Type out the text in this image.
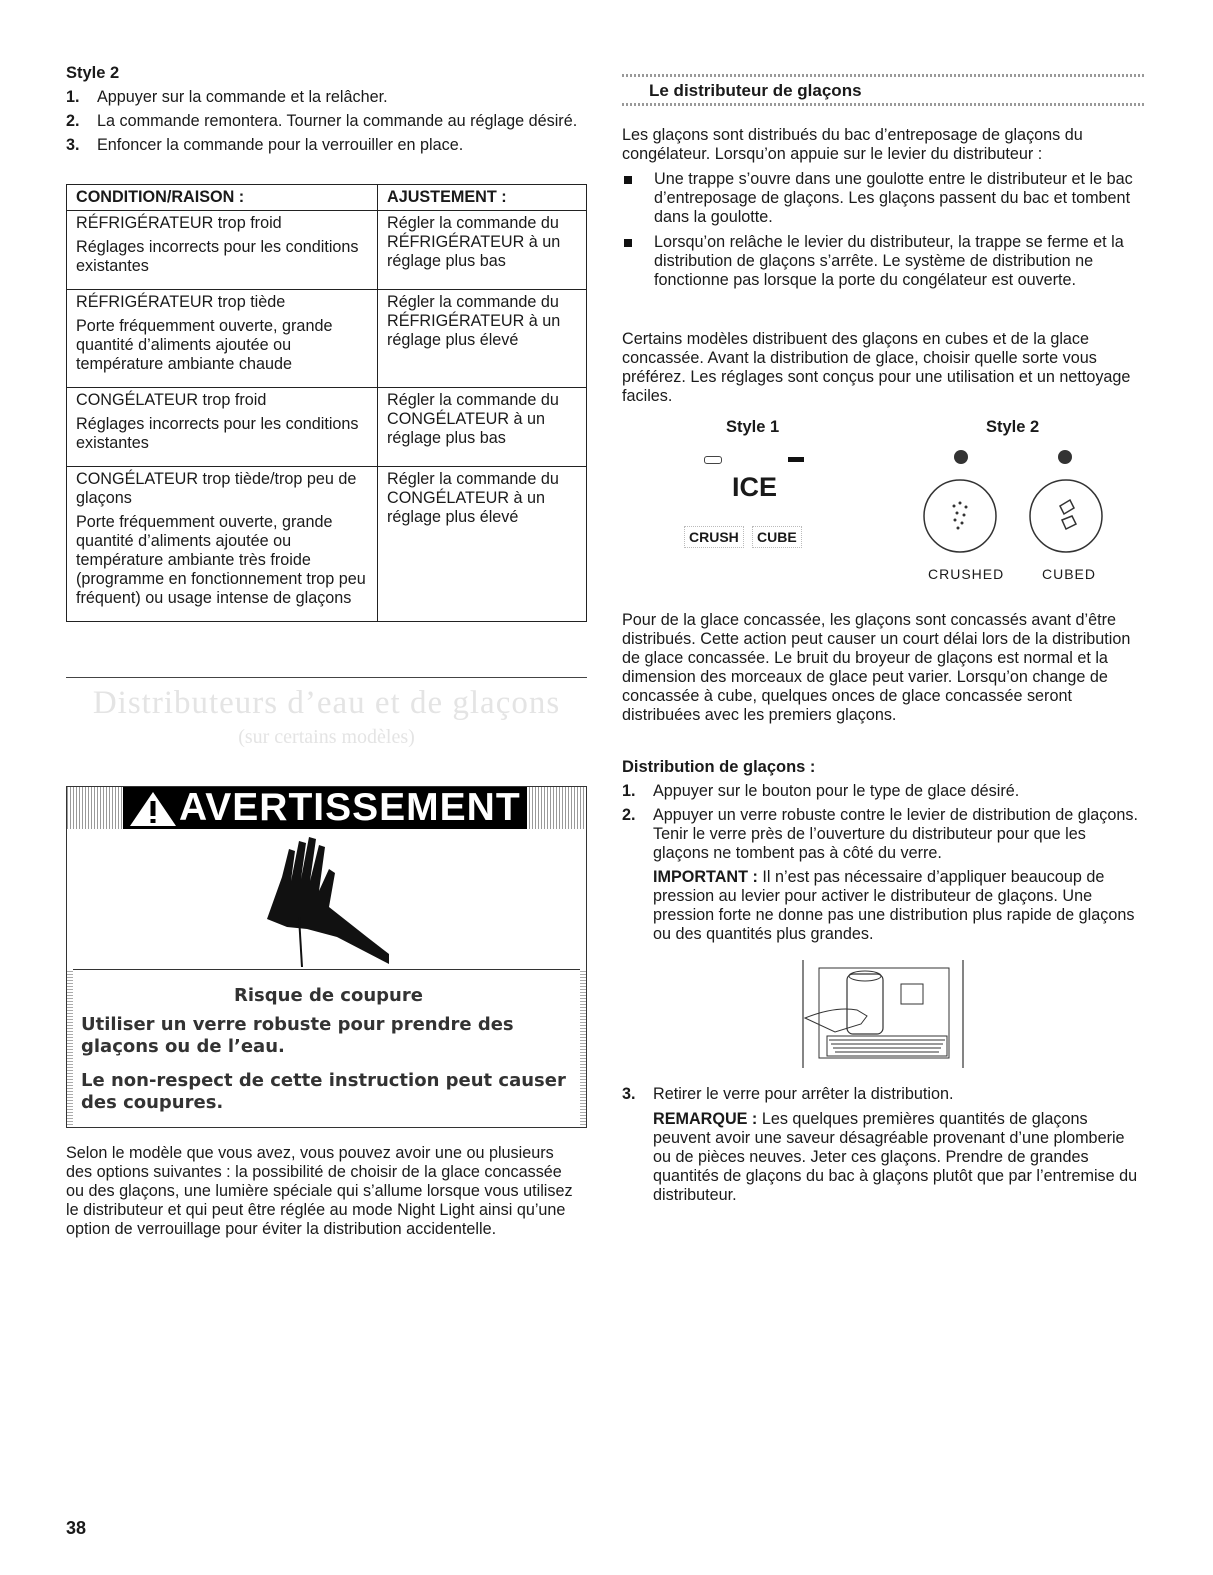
Style 2
1. Appuyer sur la commande et la relâcher.
2. La commande remontera. Tourner la commande au réglage désiré.
3. Enfoncer la commande pour la verrouiller en place.
CONDITION/RAISON :	AJUSTEMENT :

RÉFRIGÉRATEUR trop froid

Réglages incorrects pour les conditions existantes	Régler la commande du RÉFRIGÉRATEUR à un réglage plus bas

RÉFRIGÉRATEUR trop tiède

Porte fréquemment ouverte, grande quantité d’aliments ajoutée ou température ambiante chaude	Régler la commande du RÉFRIGÉRATEUR à un réglage plus élevé

CONGÉLATEUR trop froid

Réglages incorrects pour les conditions existantes	Régler la commande du CONGÉLATEUR à un réglage plus bas

CONGÉLATEUR trop tiède/trop peu de glaçons

Porte fréquemment ouverte, grande quantité d’aliments ajoutée ou température ambiante très froide (programme en fonctionnement trop peu fréquent) ou usage intense de glaçons	Régler la commande du CONGÉLATEUR à un réglage plus élevé
Distributeurs d’eau et de glaçons
(sur certains modèles)
AVERTISSEMENT
Risque de coupure

Utiliser un verre robuste pour prendre des glaçons ou de l’eau.

Le non-respect de cette instruction peut causer des coupures.

Selon le modèle que vous avez, vous pouvez avoir une ou plusieurs des options suivantes : la possibilité de choisir de la glace concassée ou des glaçons, une lumière spéciale qui s’allume lorsque vous utilisez le distributeur et qui peut être réglée au mode Night Light ainsi qu’une option de verrouillage pour éviter la distribution accidentelle.

Le distributeur de glaçons

Les glaçons sont distribués du bac d’entreposage de glaçons du congélateur. Lorsqu’on appuie sur le levier du distributeur :

Une trappe s’ouvre dans une goulotte entre le distributeur et le bac d’entreposage de glaçons. Les glaçons passent du bac et tombent dans la goulotte.
Lorsqu’on relâche le levier du distributeur, la trappe se ferme et la distribution de glaçons s’arrête. Le système de distribution ne fonctionne pas lorsque la porte du congélateur est ouverte.

Certains modèles distribuent des glaçons en cubes et de la glace concassée. Avant la distribution de glace, choisir quelle sorte vous préférez. Les réglages sont conçus pour une utilisation et un nettoyage faciles.

Style 1	Style 2
ICE
CRUSH	CUBE
CRUSHED	CUBED

Pour de la glace concassée, les glaçons sont concassés avant d’être distribués. Cette action peut causer un court délai lors de la distribution de glace concassée. Le bruit du broyeur de glaçons est normal et la dimension des morceaux de glace peut varier. Lorsqu’on change de concassée à cube, quelques onces de glace concassée seront distribuées avec les premiers glaçons.

Distribution de glaçons :
1. Appuyer sur le bouton pour le type de glace désiré.
2. Appuyer un verre robuste contre le levier de distribution de glaçons. Tenir le verre près de l’ouverture du distributeur pour que les glaçons ne tombent pas à côté du verre.

IMPORTANT : Il n’est pas nécessaire d’appliquer beaucoup de pression au levier pour activer le distributeur de glaçons. Une pression forte ne donne pas une distribution plus rapide de glaçons ou des quantités plus grandes.

3. Retirer le verre pour arrêter la distribution.

REMARQUE : Les quelques premières quantités de glaçons peuvent avoir une saveur désagréable provenant d’une plomberie ou de pièces neuves. Jeter ces glaçons. Prendre de grandes quantités de glaçons du bac à glaçons plutôt que par l’entremise du distributeur.

38
